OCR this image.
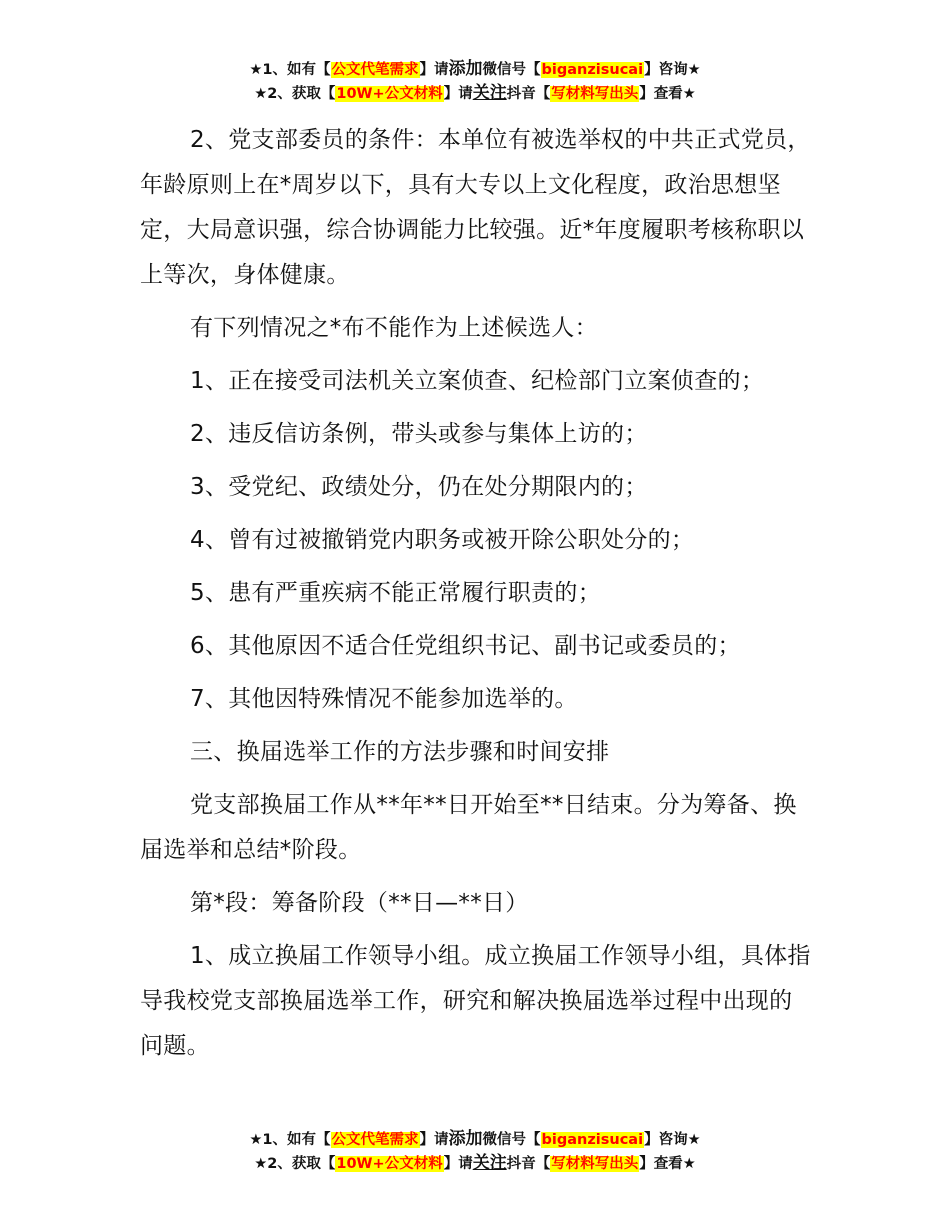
★1、如有【公文代笔需求】请添加微信号【biganzisucai】咨询★
★2、获取【10W+公文材料】请关注抖音【写材料写出头】查看★

2、党支部委员的条件：本单位有被选举权的中共正式党员，年龄原则上在*周岁以下，具有大专以上文化程度，政治思想坚定，大局意识强，综合协调能力比较强。近*年度履职考核称职以上等次，身体健康。

有下列情况之*布不能作为上述候选人：

1、正在接受司法机关立案侦查、纪检部门立案侦查的；

2、违反信访条例，带头或参与集体上访的；

3、受党纪、政绩处分，仍在处分期限内的；

4、曾有过被撤销党内职务或被开除公职处分的；

5、患有严重疾病不能正常履行职责的；

6、其他原因不适合任党组织书记、副书记或委员的；

7、其他因特殊情况不能参加选举的。

三、换届选举工作的方法步骤和时间安排

党支部换届工作从**年**日开始至**日结束。分为筹备、换届选举和总结*阶段。

第*段：筹备阶段（**日—**日）

1、成立换届工作领导小组。成立换届工作领导小组，具体指导我校党支部换届选举工作，研究和解决换届选举过程中出现的问题。

★1、如有【公文代笔需求】请添加微信号【biganzisucai】咨询★
★2、获取【10W+公文材料】请关注抖音【写材料写出头】查看★
